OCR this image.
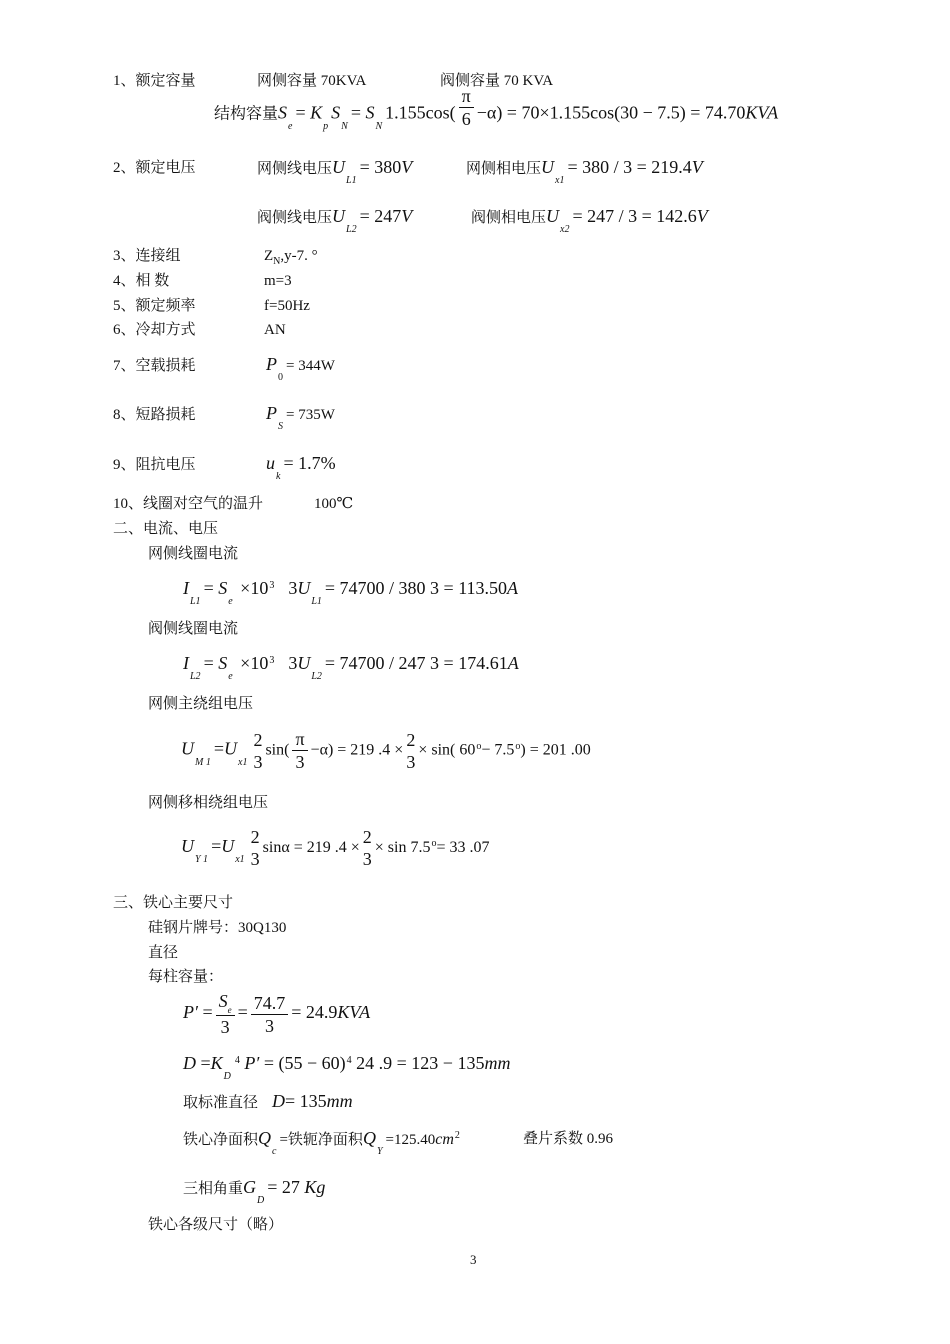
1、额定容量	网侧容量 70KVA	阀侧容量 70 KVA
结构容量$S_e= K_pS_N= S_N1.155\cos( \frac{\pi}{6} -\alpha) = 70\times 1.155\cos(30 - 7.5) = 74.70KVA$
2、额定电压	网侧线电压$U_{L1}= 380V$	网侧相电压$U_{x1}= 380 / 3 = 219.4V$
阀侧线电压$U_{L2}= 247V$	阀侧相电压$U_{x2}= 247 / 3 = 142.6V$
3、连接组	$Z_N,y-7$. °
4、相 数	m=3
5、额定频率	f=50Hz
6、冷却方式	AN
7、空载损耗	$P_0= 344W$
8、短路损耗	$P_S= 735W$
9、阻抗电压	$u_k= 1.7\%$
10、线圈对空气的温升	100℃
二、电流、电压
网侧线圈电流
$I_{L1}= S_e \times 10^3$ $3U_{L1}= 74700 / 380$ 3 = 113.50A
阀侧线圈电流
$I_{L2}= S_e \times 10^3$ $3U_{L2}= 74700 / 247$ 3 = 174.61A
网侧主绕组电压
$U_{M 1}=U_{x1}$
2
3
$\sin( \frac{\pi}{3} -\alpha) = 219$ .4 ×
2
3
× sin( $60^o- 7.5^o) = 201$ .00
网侧移相绕组电压
$U_{Y 1}=U_{x1}$
2
3
sinα = 219 .4 ×
2
3
× $\sin 7.5^o= 33$ .07
三、铁心主要尺寸
硅钢片牌号：30Q130
直径
每柱容量：
$P' = \frac{S_e}{3} = \frac{74.7}{3} = 24.9KVA$
$D =K_D^4$ $P' = (55 - 60)^4$ 24 .9 = 123 − 135mm
取标准直径 D= 135mm
铁心净面积$Q_c=$铁轭净面积$Q_Y=125.40cm^2$	叠片系数 0.96
三相角重$G_D= 27$ Kg
铁心各级尺寸（略）
3
